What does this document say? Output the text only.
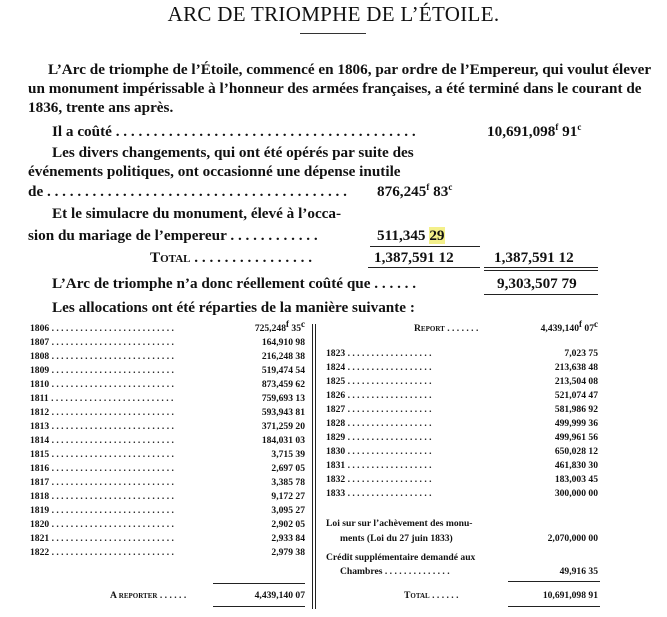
ARC DE TRIOMPHE DE L’ÉTOILE.
L’Arc de triomphe de l’Étoile, commencé en 1806, par ordre de l’Empereur, qui voulut élever un monument impérissable à l’honneur des armées françaises, a été terminé dans le courant de 1836, trente ans après.
Il a coûté . . . . . . . . . . . . . . . . . . . . . . . . . . . . . . . . . . . . . . . .	10,691,098$^f$ 91$^c$
Les divers changements, qui ont été opérés par suite des
événements politiques, ont occasionné une dépense inutile
de . . . . . . . . . . . . . . . . . . . . . . . . . . . . . . . . . . . . . . . . 876,245$^f$ 83$^c$
Et le simulacre du monument, élevé à l’occa-
sion du mariage de l’empereur . . . . . . . . . . . .	511,345 29
Total . . . . . . . . . . . . . . . .	1,387,591 12	1,387,591 12
L’Arc de triomphe n’a donc réellement coûté que . . . . . .	9,303,507 79
Les allocations ont été réparties de la manière suivante :
1806 . . . . . . . . . . . . . . . . . . . . . . . . . .	725,248$^f$ 35$^c$
1807 . . . . . . . . . . . . . . . . . . . . . . . . . .	164,910 98
1808 . . . . . . . . . . . . . . . . . . . . . . . . . .	216,248 38
1809 . . . . . . . . . . . . . . . . . . . . . . . . . .	519,474 54
1810 . . . . . . . . . . . . . . . . . . . . . . . . . .	873,459 62
1811 . . . . . . . . . . . . . . . . . . . . . . . . . .	759,693 13
1812 . . . . . . . . . . . . . . . . . . . . . . . . . .	593,943 81
1813 . . . . . . . . . . . . . . . . . . . . . . . . . .	371,259 20
1814 . . . . . . . . . . . . . . . . . . . . . . . . . .	184,031 03
1815 . . . . . . . . . . . . . . . . . . . . . . . . . .	3,715 39
1816 . . . . . . . . . . . . . . . . . . . . . . . . . .	2,697 05
1817 . . . . . . . . . . . . . . . . . . . . . . . . . .	3,385 78
1818 . . . . . . . . . . . . . . . . . . . . . . . . . .	9,172 27
1819 . . . . . . . . . . . . . . . . . . . . . . . . . .	3,095 27
1820 . . . . . . . . . . . . . . . . . . . . . . . . . .	2,902 05
1821 . . . . . . . . . . . . . . . . . . . . . . . . . .	2,933 84
1822 . . . . . . . . . . . . . . . . . . . . . . . . . .	2,979 38
Report . . . . . . .	4,439,140$^f$ 07$^c$
1823 . . . . . . . . . . . . . . . . . .	7,023 75
1824 . . . . . . . . . . . . . . . . . .	213,638 48
1825 . . . . . . . . . . . . . . . . . .	213,504 08
1826 . . . . . . . . . . . . . . . . . .	521,074 47
1827 . . . . . . . . . . . . . . . . . .	581,986 92
1828 . . . . . . . . . . . . . . . . . .	499,999 36
1829 . . . . . . . . . . . . . . . . . .	499,961 56
1830 . . . . . . . . . . . . . . . . . .	650,028 12
1831 . . . . . . . . . . . . . . . . . .	461,830 30
1832 . . . . . . . . . . . . . . . . . .	183,003 45
1833 . . . . . . . . . . . . . . . . . .	300,000 00
Loi sur sur l’achèvement des monu-
ments (Loi du 27 juin 1833)	2,070,000 00
Crédit supplémentaire demandé aux
Chambres . . . . . . . . . . . . . .	49,916 35
A reporter . . . . . .	4,439,140 07	Total . . . . . .	10,691,098 91
